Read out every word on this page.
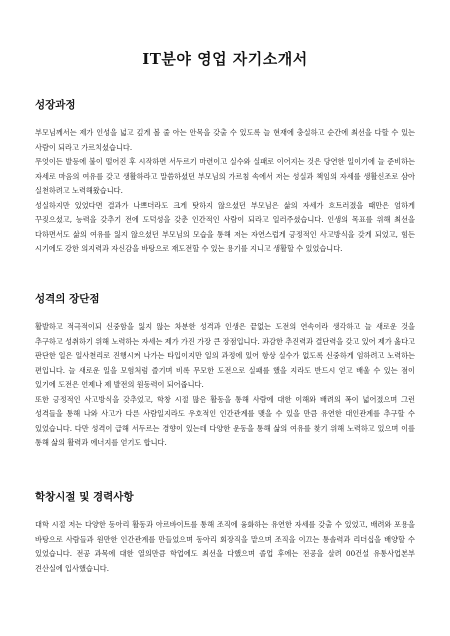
IT분야 영업 자기소개서
성장과정

부모님께서는 제가 인성을 넓고 깊게 볼 줄 아는 안목을 갖출 수 있도록 늘 현재에 충실하고 순간에 최선을 다할 수 있는 사람이 되라고 가르치셨습니다.

무엇이든 발등에 불이 떨어진 후 시작하면 서두르기 마련이고 실수와 실패로 이어지는 것은 당연한 일이기에 늘 준비하는 자세로 마음의 여유를 갖고 생활하라고 말씀하셨던 부모님의 가르침 속에서 저는 성실과 책임의 자세를 생활신조로 삼아 실천하려고 노력해왔습니다.

성실하지만 있었다면 결과가 나쁘더라도 크게 탓하지 않으셨던 부모님은 삶의 자세가 흐트러졌을 때만은 엄하게 꾸짖으셨고, 능력을 갖추기 전에 도덕성을 갖춘 인간적인 사람이 되라고 일러주셨습니다. 인생의 목표를 위해 최선을 다하면서도 삶의 여유를 잃지 않으셨던 부모님의 모습을 통해 저는 자연스럽게 긍정적인 사고방식을 갖게 되었고, 힘든 시기에도 강한 의지력과 자신감을 바탕으로 재도전할 수 있는 용기를 지니고 생활할 수 있었습니다.

성격의 장단점

활발하고 적극적이되 신중함을 잃지 않는 차분한 성격과 인생은 끝없는 도전의 연속이라 생각하고 늘 새로운 것을 추구하고 성취하기 위해 노력하는 자세는 제가 가진 가장 큰 장점입니다. 과감한 추진력과 결단력을 갖고 있어 제가 옳다고 판단한 일은 일사천리로 진행시켜 나가는 타입이지만 일의 과정에 있어 항상 실수가 없도록 신중하게 임하려고 노력하는 편입니다. 늘 새로운 일을 모험처럼 즐기며 비록 무모한 도전으로 실패를 했을 지라도 반드시 얻고 배울 수 있는 점이 있기에 도전은 언제나 제 발전의 원동력이 되어줍니다.

또한 긍정적인 사고방식을 갖추었고, 학창 시절 많은 활동을 통해 사람에 대한 이해와 배려의 폭이 넓어졌으며 그런 성격들을 통해 나와 사고가 다른 사람일지라도 우호적인 인간관계를 맺을 수 있을 만큼 유연한 대인관계를 추구할 수 있었습니다. 다만 성격이 급해 서두르는 경향이 있는데 다양한 운동을 통해 삶의 여유를 찾기 위해 노력하고 있으며 이를 통해 삶의 활력과 에너지를 얻기도 합니다.

학창시절 및 경력사항

대학 시절 저는 다양한 동아리 활동과 아르바이트를 통해 조직에 융화하는 유연한 자세를 갖출 수 있었고, 배려와 포용을 바탕으로 사람들과 원만한 인간관계를 만들었으며 동아리 회장직을 맡으며 조직을 이끄는 통솔력과 리더십을 배양할 수 있었습니다. 전공 과목에 대한 열의만큼 학업에도 최선을 다했으며 졸업 후에는 전공을 살려 00건설 유통사업본부 견산실에 입사했습니다.
